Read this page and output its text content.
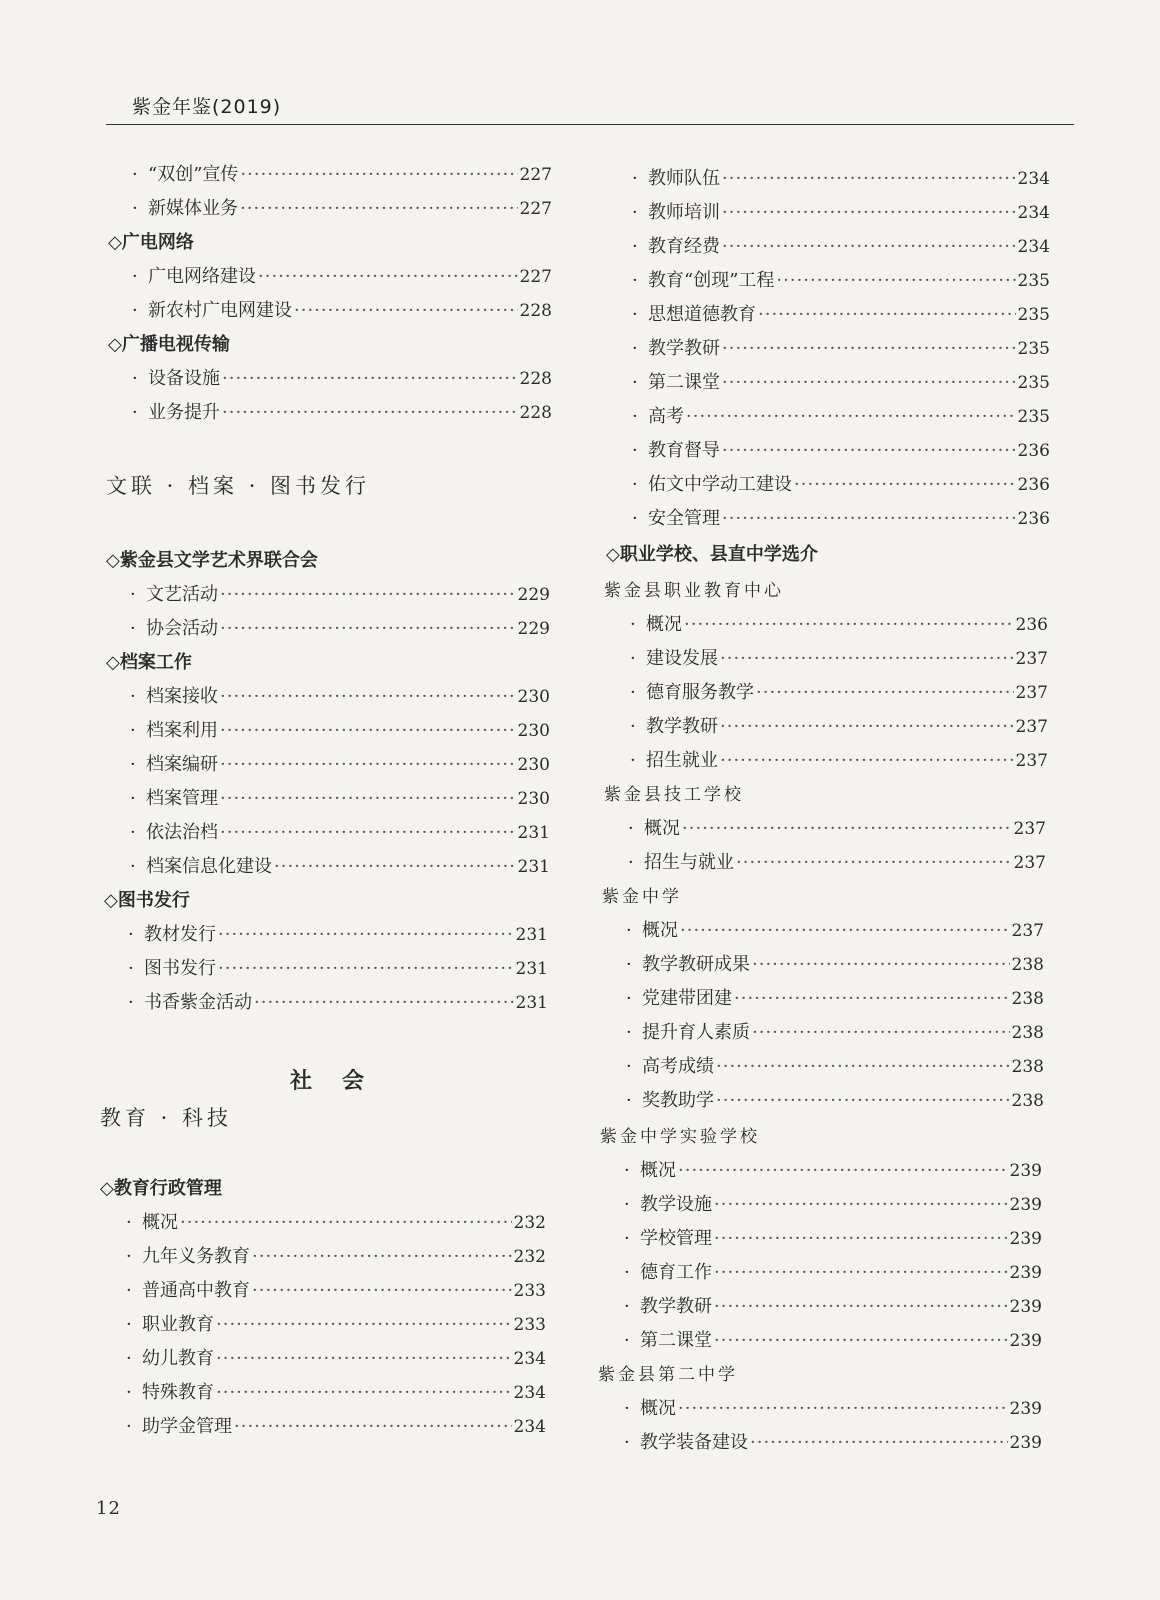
紫金年鉴(2019)
· “双创”宣传 ·····	227
· 新媒体业务 ·····	227
◇广电网络
· 广电网络建设 ·····	227
· 新农村广电网建设 ·····	228
◇广播电视传输
· 设备设施 ·····	228
· 业务提升 ·····	228
文联 · 档案 · 图书发行
◇紫金县文学艺术界联合会
· 文艺活动 ·····	229
· 协会活动 ·····	229
◇档案工作
· 档案接收 ·····	230
· 档案利用 ·····	230
· 档案编研 ·····	230
· 档案管理 ·····	230
· 依法治档 ·····	231
· 档案信息化建设 ·····	231
◇图书发行
· 教材发行 ·····	231
· 图书发行 ·····	231
· 书香紫金活动 ·····	231
社会
教育 · 科技
◇教育行政管理
· 概况 ·····	232
· 九年义务教育 ·····	232
· 普通高中教育 ·····	233
· 职业教育 ·····	233
· 幼儿教育 ·····	234
· 特殊教育 ·····	234
· 助学金管理 ·····	234
· 教师队伍 ·····	234
· 教师培训 ·····	234
· 教育经费 ·····	234
· 教育“创现”工程 ·····	235
· 思想道德教育 ·····	235
· 教学教研 ·····	235
· 第二课堂 ·····	235
· 高考 ·····	235
· 教育督导 ·····	236
· 佑文中学动工建设 ·····	236
· 安全管理 ·····	236
◇职业学校、县直中学选介
紫金县职业教育中心
· 概况 ·····	236
· 建设发展 ·····	237
· 德育服务教学 ·····	237
· 教学教研 ·····	237
· 招生就业 ·····	237
紫金县技工学校
· 概况 ·····	237
· 招生与就业 ·····	237
紫金中学
· 概况 ·····	237
· 教学教研成果 ·····	238
· 党建带团建 ·····	238
· 提升育人素质 ·····	238
· 高考成绩 ·····	238
· 奖教助学 ·····	238
紫金中学实验学校
· 概况 ·····	239
· 教学设施 ·····	239
· 学校管理 ·····	239
· 德育工作 ·····	239
· 教学教研 ·····	239
· 第二课堂 ·····	239
紫金县第二中学
· 概况 ·····	239
· 教学装备建设 ·····	239
12
